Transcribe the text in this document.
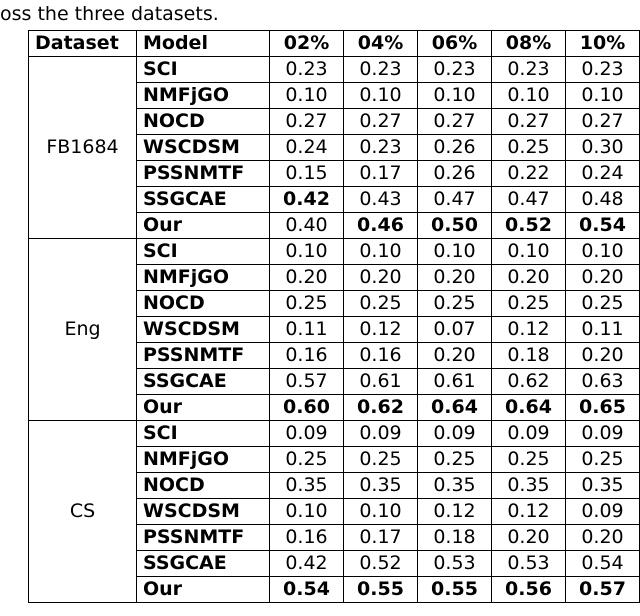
oss the three datasets.
Dataset	Model	02%	04%	06%	08%	10%
FB1684	SCI	0.23	0.23	0.23	0.23	0.23
	NMFjGO	0.10	0.10	0.10	0.10	0.10
	NOCD	0.27	0.27	0.27	0.27	0.27
	WSCDSM	0.24	0.23	0.26	0.25	0.30
	PSSNMTF	0.15	0.17	0.26	0.22	0.24
	SSGCAE	0.42	0.43	0.47	0.47	0.48
	Our	0.40	0.46	0.50	0.52	0.54
Eng	SCI	0.10	0.10	0.10	0.10	0.10
	NMFjGO	0.20	0.20	0.20	0.20	0.20
	NOCD	0.25	0.25	0.25	0.25	0.25
	WSCDSM	0.11	0.12	0.07	0.12	0.11
	PSSNMTF	0.16	0.16	0.20	0.18	0.20
	SSGCAE	0.57	0.61	0.61	0.62	0.63
	Our	0.60	0.62	0.64	0.64	0.65
CS	SCI	0.09	0.09	0.09	0.09	0.09
	NMFjGO	0.25	0.25	0.25	0.25	0.25
	NOCD	0.35	0.35	0.35	0.35	0.35
	WSCDSM	0.10	0.10	0.12	0.12	0.09
	PSSNMTF	0.16	0.17	0.18	0.20	0.20
	SSGCAE	0.42	0.52	0.53	0.53	0.54
	Our	0.54	0.55	0.55	0.56	0.57
